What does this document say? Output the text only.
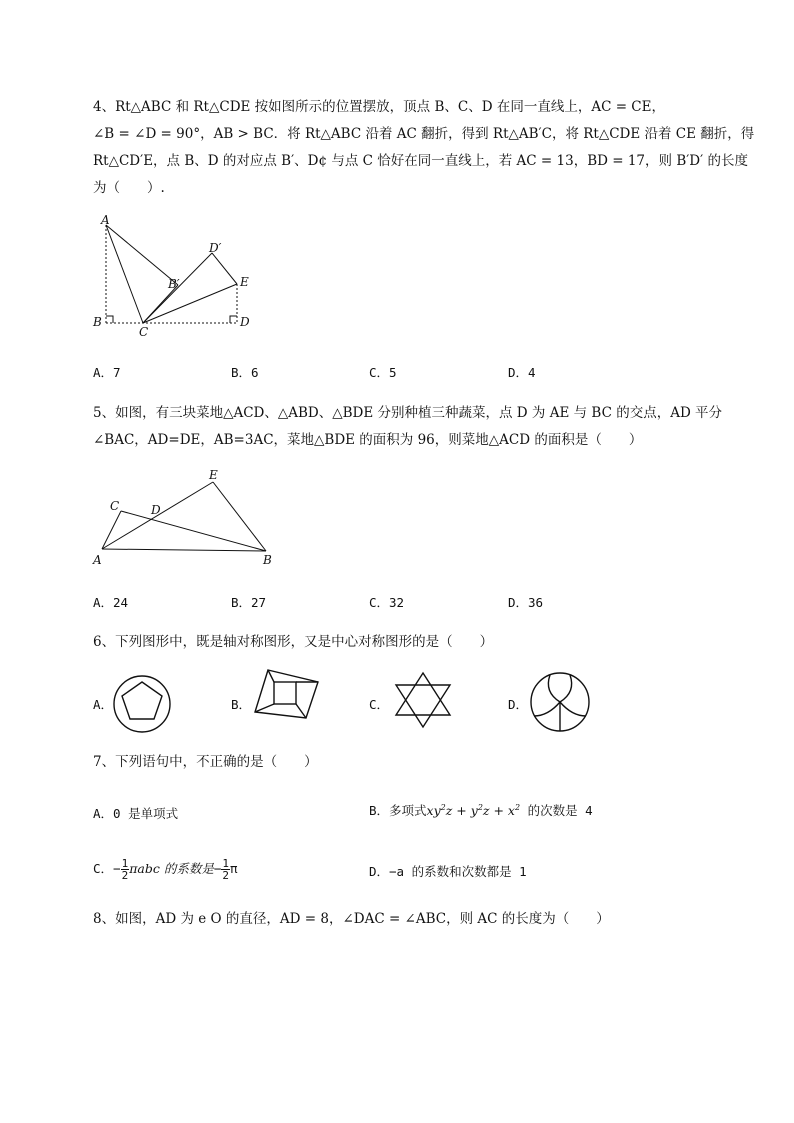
4、Rt△ABC 和 Rt△CDE 按如图所示的位置摆放，顶点 B、C、D 在同一直线上，AC = CE，
∠B = ∠D = 90°，AB > BC．将 Rt△ABC 沿着 AC 翻折，得到 Rt△AB′C，将 Rt△CDE 沿着 CE 翻折，得
Rt△CD′E，点 B、D 的对应点 B′、D¢ 与点 C 恰好在同一直线上，若 AC = 13，BD = 17，则 B′D′ 的长度
为（　　）.
A
B
C
D
E
B′
D′
A．7	B．6	C．5	D．4
5、如图，有三块菜地△ACD、△ABD、△BDE 分别种植三种蔬菜，点 D 为 AE 与 BC 的交点，AD 平分
∠BAC，AD=DE，AB=3AC，菜地△BDE 的面积为 96，则菜地△ACD 的面积是（　　）
A	B
C	D
E
A．24	B．27	C．32	D．36
6、下列图形中，既是轴对称图形，又是中心对称图形的是（　　）
A．	B．	C．	D．
7、下列语句中，不正确的是（　　）
A．0 是单项式	B．多项式$xy^2z + y^2z + x^2$ 的次数是 4
C．− $\frac{1}{2}$ πabc 的系数是− $\frac{1}{2}$ π	D．−a 的系数和次数都是 1
8、如图，AD 为 e O 的直径，AD = 8，∠DAC = ∠ABC，则 AC 的长度为（　　）
